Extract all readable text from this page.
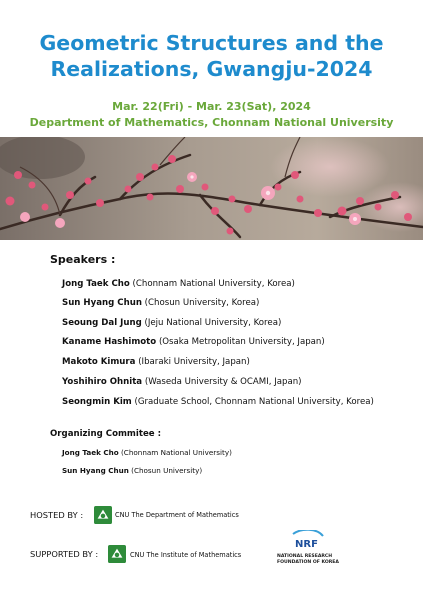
Geometric Structures and the
Realizations, Gwangju-2024
Mar. 22(Fri) - Mar. 23(Sat), 2024
Department of Mathematics, Chonnam National University
Speakers :
Jong Taek Cho (Chonnam National University, Korea)
Sun Hyang Chun (Chosun University, Korea)
Seoung Dal Jung (Jeju National University, Korea)
Kaname Hashimoto (Osaka Metropolitan University, Japan)
Makoto Kimura (Ibaraki University, Japan)
Yoshihiro Ohnita (Waseda University & OCAMI, Japan)
Seongmin Kim (Graduate School, Chonnam National University, Korea)
Organizing Commitee :
Jong Taek Cho (Chonnam National University)
Sun Hyang Chun (Chosun University)
HOSTED BY :	CNU The Department of Mathematics
SUPPORTED BY :	CNU The Institute of Mathematics
NRF
NATIONAL RESEARCH
FOUNDATION OF KOREA
